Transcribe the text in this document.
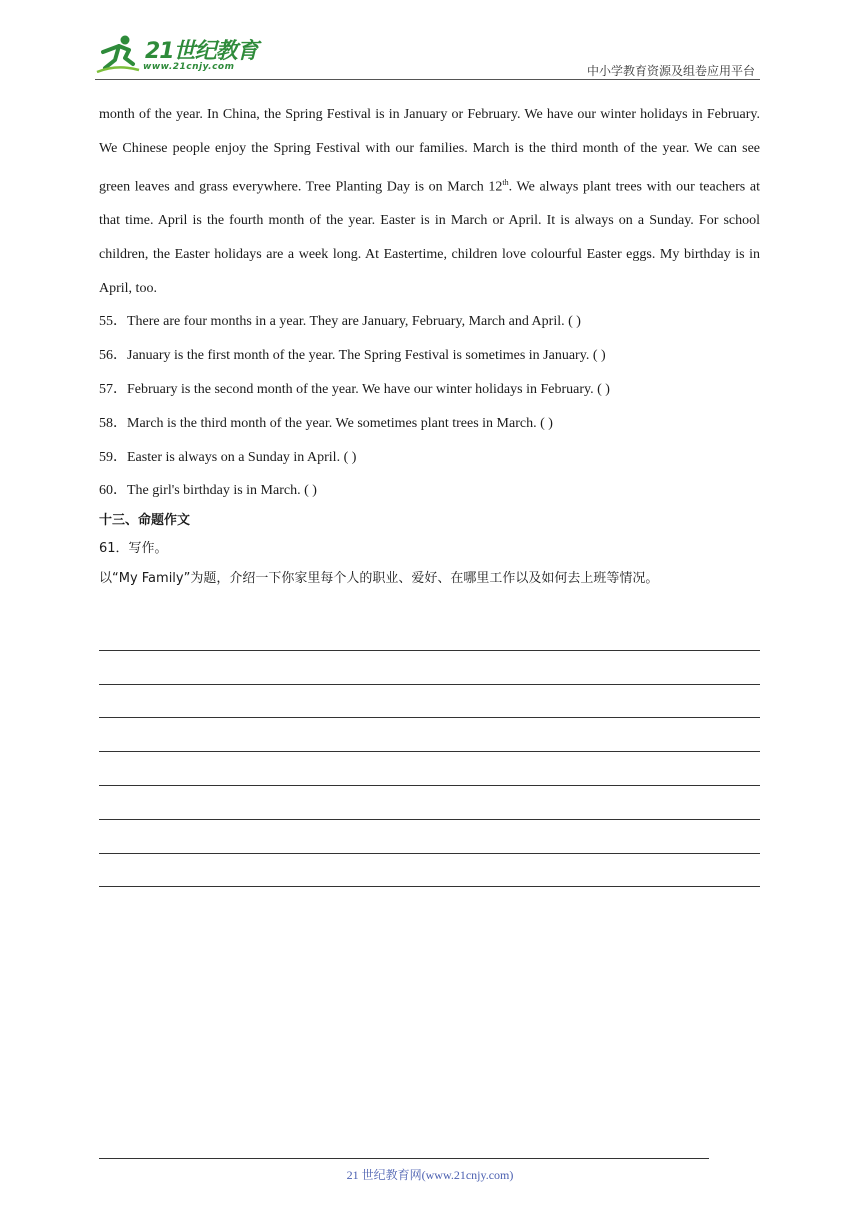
21世纪教育
www.21cnjy.com	中小学教育资源及组卷应用平台

month of the year. In China, the Spring Festival is in January or February. We have our winter holidays in February. We Chinese people enjoy the Spring Festival with our families. March is the third month of the year. We can see green leaves and grass everywhere. Tree Planting Day is on March 12th. We always plant trees with our teachers at that time. April is the fourth month of the year. Easter is in March or April. It is always on a Sunday. For school children, the Easter holidays are a week long. At Eastertime, children love colourful Easter eggs. My birthday is in April, too.

55．There are four months in a year. They are January, February, March and April. ( )

56．January is the first month of the year. The Spring Festival is sometimes in January. ( )

57．February is the second month of the year. We have our winter holidays in February. ( )

58．March is the third month of the year. We sometimes plant trees in March. ( )

59．Easter is always on a Sunday in April. ( )

60．The girl's birthday is in March. ( )

十三、命题作文

61．写作。

以“My Family”为题，介绍一下你家里每个人的职业、爱好、在哪里工作以及如何去上班等情况。

21 世纪教育网(www.21cnjy.com)
